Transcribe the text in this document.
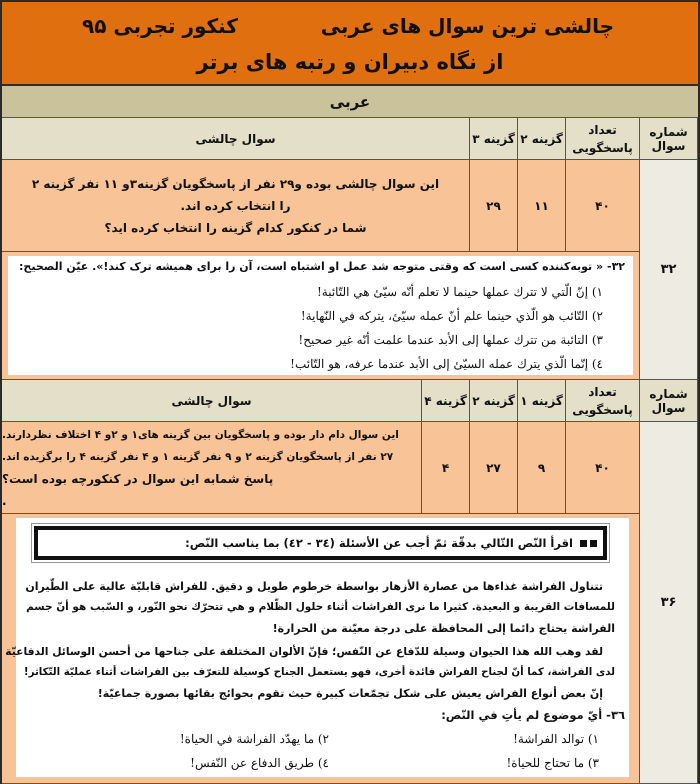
چالشی ترین سوال های عربی
کنکور تجربی ۹۵
از نگاه دبیران و رتبه های برتر
عربی
شماره سوال
تعداد
پاسخگویی
گزینه ۲
گزینه ۳
سوال چالشی
۳۲
۴۰
۱۱
۲۹
این سوال چالشی بوده و۲۹ نفر از پاسخگویان گزینه۳و ۱۱ نفر گزینه ۲
را انتخاب کرده اند.
شما در کنکور کدام گزینه را انتخاب کرده اید؟
۳۲- « توبه‌کننده کسی است که وقتی متوجه شد عمل او اشتباه است، آن را برای همیشه ترک کند!». عیّن الصحیح:
۱) إنّ الّتي لا تترك عملها حينما لا تعلم أنّه سيّئ هي التّائبة!
۲) التّائب هو الّذي حينما علم أنّ عمله سيّئ، يتركه في النّهاية!
۳) التائبة من تترك عملها إلى الأبد عندما علمت أنّه غير صحيح!
٤) إنّما الّذي يترك عمله السيّئ إلى الأبد عندما عرفه، هو التّائب!
شماره سوال
تعداد
پاسخگویی
گزینه ۱
گزینه ۲
گزینه ۴
سوال چالشی
۳۶
۴۰
۹
۲۷
۴
این سوال دام دار بوده و پاسخگویان بین گزینه های۱ و ۲و ۴ اختلاف نظردارند.
۲۷ نفر از پاسخگویان گزینه ۲ و ۹ نفر گزینه ۱ و ۴ نفر گزینه ۴ را برگزیده اند.
پاسخ شمابه این سوال در کنکورچه بوده است؟
.
اقرأ النّص التّالي بدقّة ثمّ أجب عن الأسئلة (٣٤ - ٤٢) بما يناسب النّص:
تتناول الفراشة غذاءها من عصارة الأزهار بواسطة خرطوم طويل و دقيق. للفراش قابليّة عالية على الطّيران
للمسافات القريبة و البعيدة. كثيرا ما نرى الفراشات أثناء حلول الظّلام و هي تتحرّك نحو النّور، و السّبب هو أنّ جسم
الفراشة يحتاج دائما إلى المحافظة على درجة معيّنة من الحرارة!
لقد وهب الله هذا الحيوان وسيلة للدّفاع عن النّفس؛ فإنّ الألوان المختلفة على جناحها من أحسن الوسائل الدفاعيّة
لدى الفراشة، كما أنّ لجناح الفراش فائدة أخرى، فهو يستعمل الجناح كوسيلة للتعرّف بين الفراشات أثناء عمليّة التّكاثر!
إنّ بعض أنواع الفراش يعيش على شكل تجمّعات كبيرة حيث تقوم بحوائج بقائها بصورة جماعيّة!
۳٦- أيّ موضوع لم يأتِ في النّص:
۱) توالد الفراشة!
۲) ما يهدّد الفراشة في الحياة!
۳) ما تحتاج للحياة!
٤) طريق الدفاع عن النّفس!
